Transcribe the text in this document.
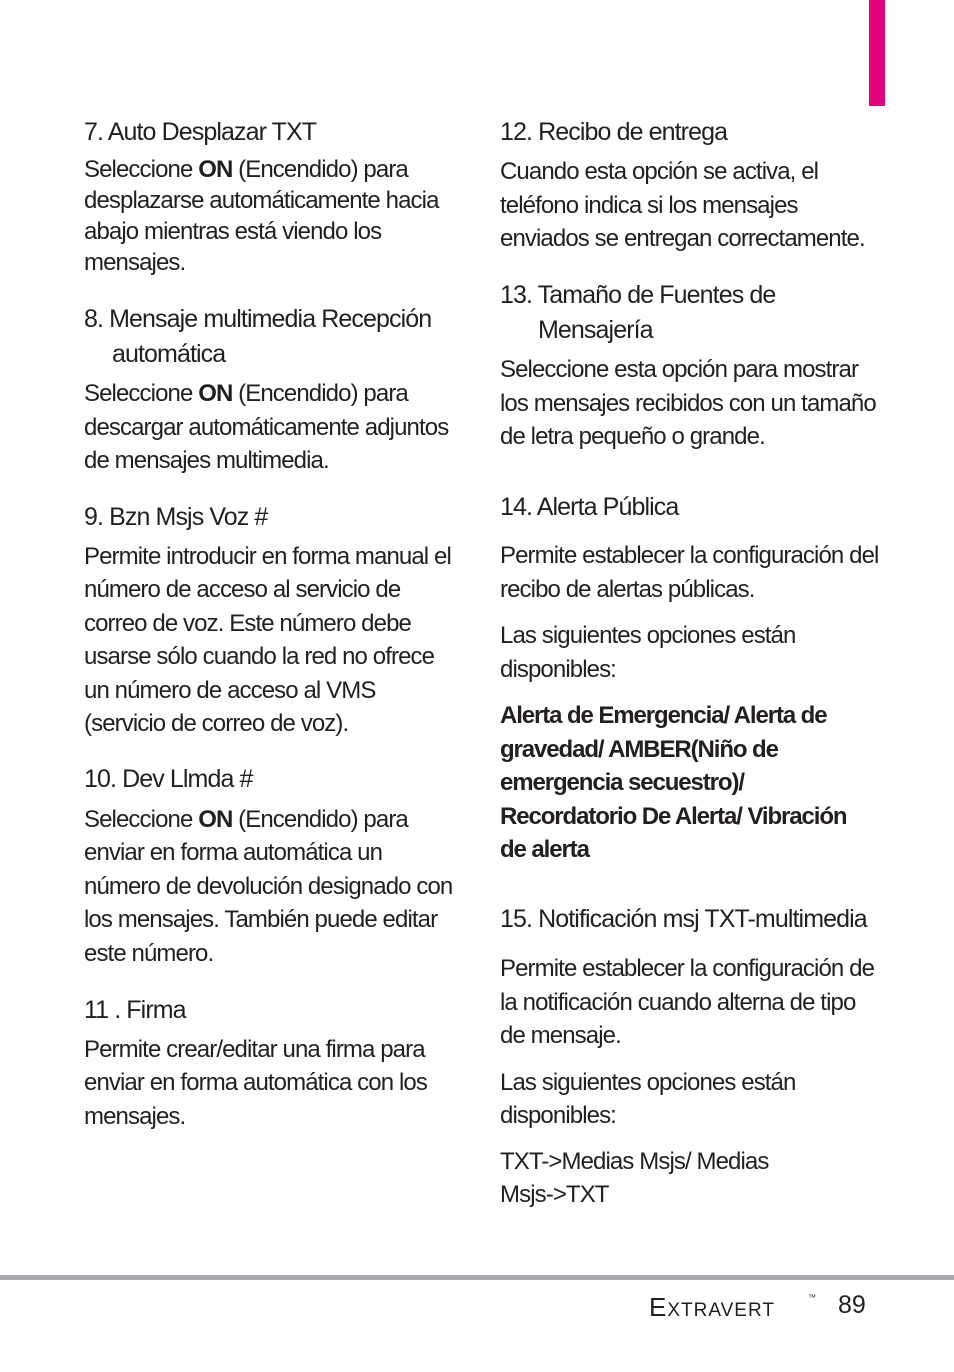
7. Auto Desplazar TXT
Seleccione ON (Encendido) para
desplazarse automáticamente hacia
abajo mientras está viendo los
mensajes.
8. Mensaje multimedia Recepción
automática
Seleccione ON (Encendido) para
descargar automáticamente adjuntos
de mensajes multimedia.
9. Bzn Msjs Voz #
Permite introducir en forma manual el
número de acceso al servicio de
correo de voz. Este número debe
usarse sólo cuando la red no ofrece
un número de acceso al VMS
(servicio de correo de voz).
10. Dev Llmda #
Seleccione ON (Encendido) para
enviar en forma automática un
número de devolución designado con
los mensajes. También puede editar
este número.
11 . Firma
Permite crear/editar una firma para
enviar en forma automática con los
mensajes.
12. Recibo de entrega
Cuando esta opción se activa, el
teléfono indica si los mensajes
enviados se entregan correctamente.
13. Tamaño de Fuentes de
Mensajería
Seleccione esta opción para mostrar
los mensajes recibidos con un tamaño
de letra pequeño o grande.
14. Alerta Pública
Permite establecer la configuración del
recibo de alertas públicas.
Las siguientes opciones están
disponibles:
Alerta de Emergencia/ Alerta de
gravedad/ AMBER(Niño de
emergencia secuestro)/
Recordatorio De Alerta/ Vibración
de alerta
15. Notificación msj TXT-multimedia
Permite establecer la configuración de
la notificación cuando alterna de tipo
de mensaje.
Las siguientes opciones están
disponibles:
TXT->Medias Msjs/ Medias
Msjs->TXT
EXTRAVERT
™ 89
